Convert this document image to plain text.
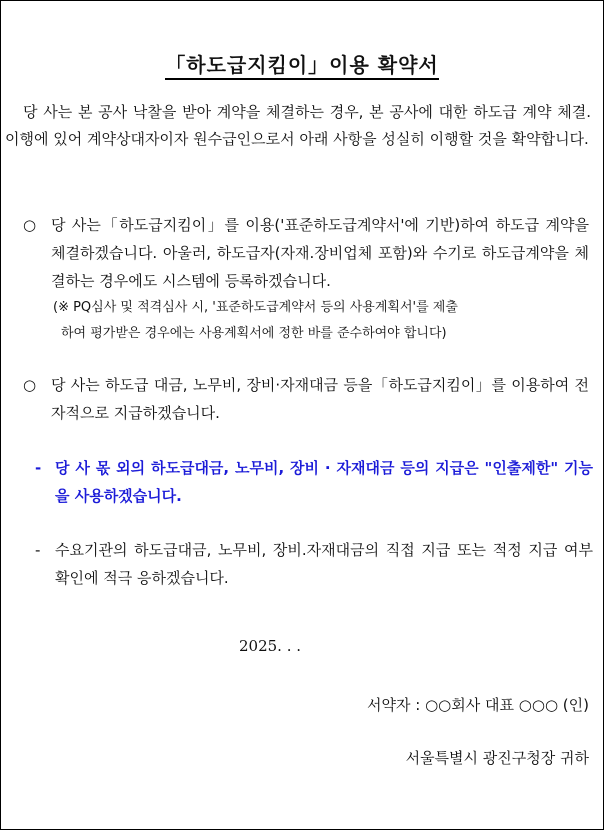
「하도급지킴이」이용 확약서

당 사는 본 공사 낙찰을 받아 계약을 체결하는 경우, 본 공사에 대한 하도급 계약 체결.이행에 있어 계약상대자이자 원수급인으로서 아래 사항을 성실히 이행할 것을 확약합니다.

○ 당 사는「하도급지킴이」를 이용('표준하도급계약서'에 기반)하여 하도급 계약을 체결하겠습니다. 아울러, 하도급자(자재.장비업체 포함)와 수기로 하도급계약을 체결하는 경우에도 시스템에 등록하겠습니다.

(※ PQ심사 및 적격심사 시, '표준하도급계약서 등의 사용계획서'를 제출
하여 평가받은 경우에는 사용계획서에 정한 바를 준수하여야 합니다)
○ 당 사는 하도급 대금, 노무비, 장비·자재대금 등을「하도급지킴이」를 이용하여 전자적으로 지급하겠습니다.

- 당 사 몫 외의 하도급대금, 노무비, 장비 · 자재대금 등의 지급은 "인출제한" 기능을 사용하겠습니다.

- 수요기관의 하도급대금, 노무비, 장비.자재대금의 직접 지급 또는 적정 지급 여부 확인에 적극 응하겠습니다.

2025. . .
서약자 : ○○회사 대표 ○○○ (인)
서울특별시 광진구청장 귀하
